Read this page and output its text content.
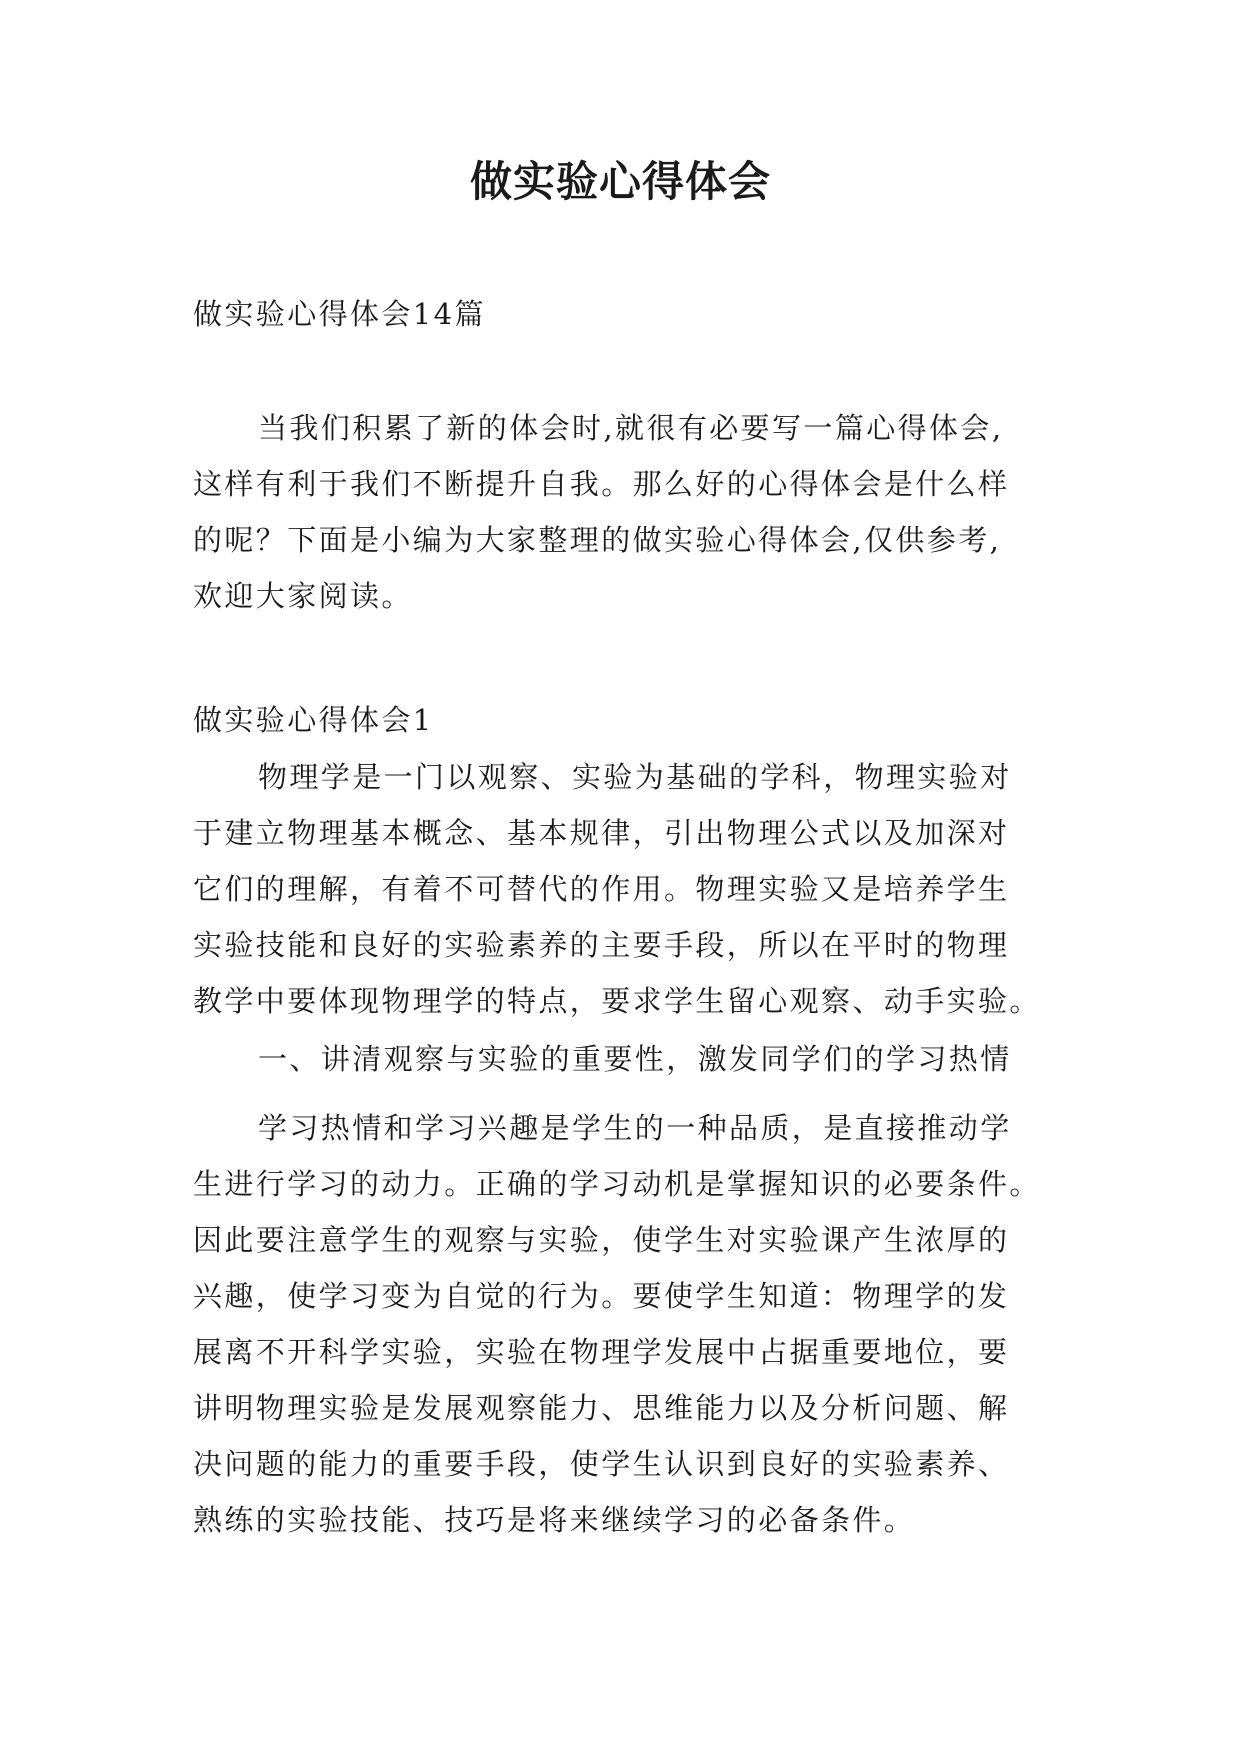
做实验心得体会
做实验心得体会14篇
当我们积累了新的体会时,就很有必要写一篇心得体会,
这样有利于我们不断提升自我。那么好的心得体会是什么样
的呢？下面是小编为大家整理的做实验心得体会,仅供参考,
欢迎大家阅读。
做实验心得体会1
物理学是一门以观察、实验为基础的学科，物理实验对
于建立物理基本概念、基本规律，引出物理公式以及加深对
它们的理解，有着不可替代的作用。物理实验又是培养学生
实验技能和良好的实验素养的主要手段，所以在平时的物理
教学中要体现物理学的特点，要求学生留心观察、动手实验。
一、讲清观察与实验的重要性，激发同学们的学习热情
学习热情和学习兴趣是学生的一种品质，是直接推动学
生进行学习的动力。正确的学习动机是掌握知识的必要条件。
因此要注意学生的观察与实验，使学生对实验课产生浓厚的
兴趣，使学习变为自觉的行为。要使学生知道：物理学的发
展离不开科学实验，实验在物理学发展中占据重要地位，要
讲明物理实验是发展观察能力、思维能力以及分析问题、解
决问题的能力的重要手段，使学生认识到良好的实验素养、
熟练的实验技能、技巧是将来继续学习的必备条件。
